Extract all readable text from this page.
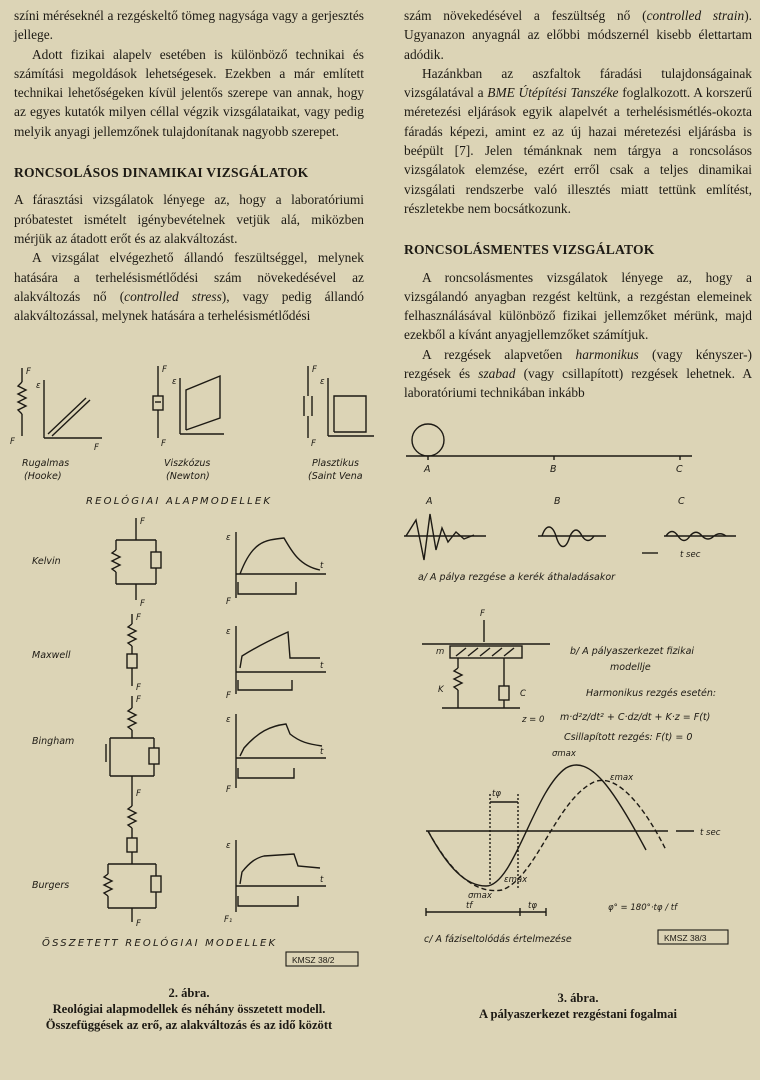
színi méréseknél a rezgéskeltő tömeg nagysága vagy a gerjesztés jellege.

Adott fizikai alapelv esetében is különböző technikai és számítási megoldások lehetségesek. Ezekben a már említett technikai lehetőségeken kívül jelentős szerepe van annak, hogy az egyes kutatók milyen céllal végzik vizsgálataikat, vagy pedig melyik anyagi jellemzőnek tulajdonítanak nagyobb szerepet.

RONCSOLÁSOS DINAMIKAI VIZSGÁLATOK

A fárasztási vizsgálatok lényege az, hogy a laboratóriumi próbatestet ismételt igénybevételnek vetjük alá, miközben mérjük az átadott erőt és az alakváltozást.

A vizsgálat elvégezhető állandó feszültséggel, melynek hatására a terhelésismétlődési szám növekedésével az alakváltozás nő (controlled stress), vagy pedig állandó alakváltozással, melynek hatására a terhelésismétlődési

szám növekedésével a feszültség nő (controlled strain). Ugyanazon anyagnál az előbbi módszernél kisebb élettartam adódik.

Hazánkban az aszfaltok fáradási tulajdonságainak vizsgálatával a BME Útépítési Tanszéke foglalkozott. A korszerű méretezési eljárások egyik alapelvét a terhelésismétlés-okozta fáradás képezi, amint ez az új hazai méretezési eljárásba is beépült [7]. Jelen témánknak nem tárgya a roncsolásos vizsgálatok elemzése, ezért erről csak a teljes dinamikai vizsgálati rendszerbe való illesztés miatt tettünk említést, részletekbe nem bocsátkozunk.

RONCSOLÁSMENTES VIZSGÁLATOK

A roncsolásmentes vizsgálatok lényege az, hogy a vizsgálandó anyagban rezgést keltünk, a rezgéstan elemeinek felhasználásával különböző fizikai jellemzőket mérünk, majd ezekből a kívánt anyagjellemzőket számítjuk.

A rezgések alapvetően harmonikus (vagy kényszer-) rezgések és szabad (vagy csillapított) rezgések lehetnek. A laboratóriumi technikában inkább

F
F
ε
F
Rugalmas
(Hooke)
F
F
ε
Viszkózus
(Newton)
F
F
ε
Plasztikus
(Saint Vena
REOLÓGIAI ALAPMODELLEK
Kelvin
F
F
ε
F
t
Maxwell
F
F
ε
F
t
Bingham
F
F
ε
F
t
Burgers
F
ε
F₁
t
ÖSSZETETT REOLÓGIAI MODELLEK
KMSZ 38/2
2. ábra.
Reológiai alapmodellek és néhány összetett modell.
Összefüggések az erő, az alakváltozás és az idő között
A	B	C
A	B	C
t sec
a/ A pálya rezgése a kerék áthaladásakor
F
m
K	C
z = 0
b/ A pályaszerkezet fizikai
modellje
Harmonikus rezgés esetén:
m·d²z/dt² + C·dz/dt + K·z = F(t)
Csillapított rezgés: F(t) = 0
t sec
σmax
εmax
σmax
εmax
tφ
tf	tφ	φ° = 180°·tφ / tf
c/ A fáziseltolódás értelmezése	KMSZ 38/3
3. ábra.
A pályaszerkezet rezgéstani fogalmai
